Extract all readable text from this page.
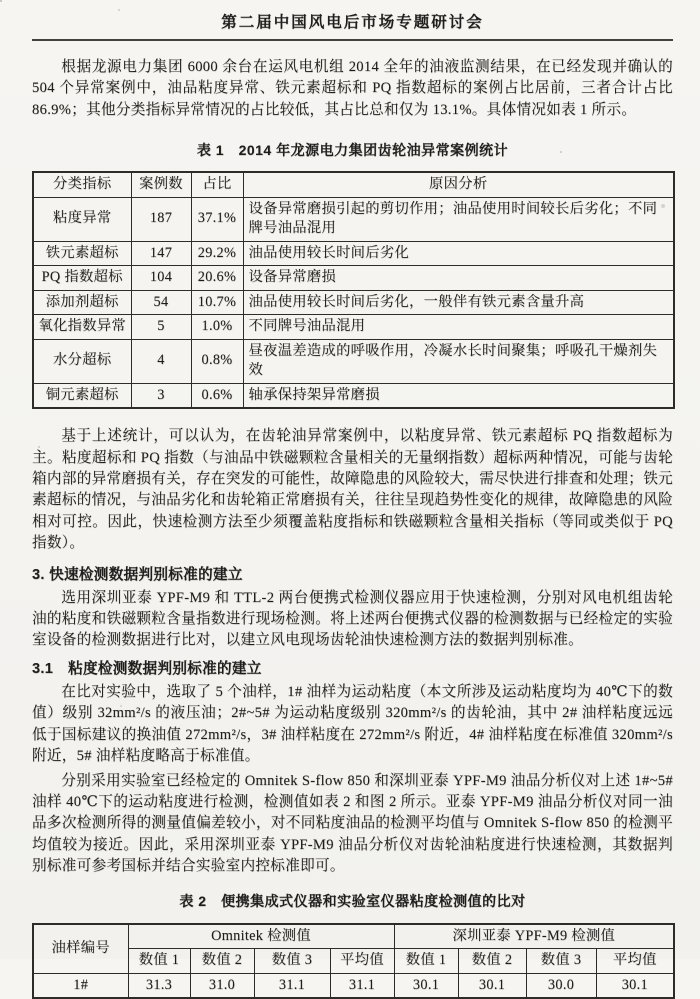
第二届中国风电后市场专题研讨会

根据龙源电力集团 6000 余台在运风电机组 2014 全年的油液监测结果，在已经发现并确认的 504 个异常案例中，油品粘度异常、铁元素超标和 PQ 指数超标的案例占比居前，三者合计占比 86.9%；其他分类指标异常情况的占比较低，其占比总和仅为 13.1%。具体情况如表 1 所示。

表 1　2014 年龙源电力集团齿轮油异常案例统计
分类指标	案例数	占比	原因分析
粘度异常	187	37.1%	设备异常磨损引起的剪切作用；油品使用时间较长后劣化；不同牌号油品混用
铁元素超标	147	29.2%	油品使用较长时间后劣化
PQ 指数超标	104	20.6%	设备异常磨损
添加剂超标	54	10.7%	油品使用较长时间后劣化，一般伴有铁元素含量升高
氧化指数异常	5	1.0%	不同牌号油品混用
水分超标	4	0.8%	昼夜温差造成的呼吸作用，冷凝水长时间聚集；呼吸孔干燥剂失效
铜元素超标	3	0.6%	轴承保持架异常磨损

基于上述统计，可以认为，在齿轮油异常案例中，以粘度异常、铁元素超标 PQ 指数超标为主。粘度超标和 PQ 指数（与油品中铁磁颗粒含量相关的无量纲指数）超标两种情况，可能与齿轮箱内部的异常磨损有关，存在突发的可能性，故障隐患的风险较大，需尽快进行排查和处理；铁元素超标的情况，与油品劣化和齿轮箱正常磨损有关，往往呈现趋势性变化的规律，故障隐患的风险相对可控。因此，快速检测方法至少须覆盖粘度指标和铁磁颗粒含量相关指标（等同或类似于 PQ 指数）。

3. 快速检测数据判别标准的建立

选用深圳亚泰 YPF-M9 和 TTL-2 两台便携式检测仪器应用于快速检测，分别对风电机组齿轮油的粘度和铁磁颗粒含量指数进行现场检测。将上述两台便携式仪器的检测数据与已经检定的实验室设备的检测数据进行比对，以建立风电现场齿轮油快速检测方法的数据判别标准。

3.1　粘度检测数据判别标准的建立

在比对实验中，选取了 5 个油样，1# 油样为运动粘度（本文所涉及运动粘度均为 40℃下的数值）级别 32mm²/s 的液压油；2#~5# 为运动粘度级别 320mm²/s 的齿轮油，其中 2# 油样粘度远远低于国标建议的换油值 272mm²/s，3# 油样粘度在 272mm²/s 附近，4# 油样粘度在标准值 320mm²/s 附近，5# 油样粘度略高于标准值。

分别采用实验室已经检定的 Omnitek S-flow 850 和深圳亚泰 YPF-M9 油品分析仪对上述 1#~5# 油样 40℃下的运动粘度进行检测，检测值如表 2 和图 2 所示。亚泰 YPF-M9 油品分析仪对同一油品多次检测所得的测量值偏差较小，对不同粘度油品的检测平均值与 Omnitek S-flow 850 的检测平均值较为接近。因此，采用深圳亚泰 YPF-M9 油品分析仪对齿轮油粘度进行快速检测，其数据判别标准可参考国标并结合实验室内控标准即可。

表 2　便携集成式仪器和实验室仪器粘度检测值的比对
油样编号	Omnitek 检测值				深圳亚泰 YPF-M9 检测值			
	数值 1	数值 2	数值 3	平均值	数值 1	数值 2	数值 3	平均值
1#	31.3	31.0	31.1	31.1	30.1	30.1	30.0	30.1
